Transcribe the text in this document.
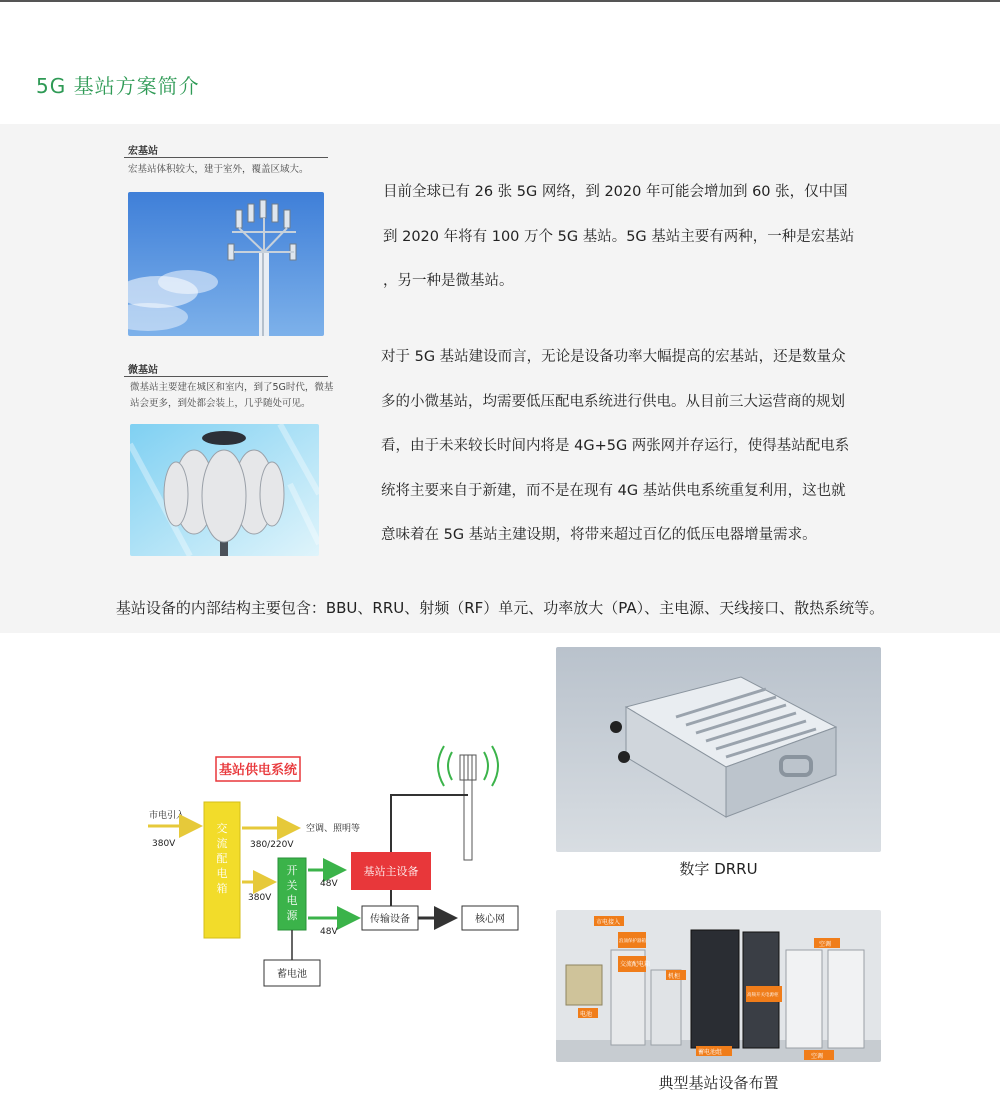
5G 基站方案简介
宏基站
宏基站体积较大，建于室外，覆盖区域大。
微基站
微基站主要建在城区和室内，到了5G时代，微基
站会更多，到处都会装上，几乎随处可见。

目前全球已有 26 张 5G 网络，到 2020 年可能会增加到 60 张，仅中国

到 2020 年将有 100 万个 5G 基站。5G 基站主要有两种，一种是宏基站

，另一种是微基站。

对于 5G 基站建设而言，无论是设备功率大幅提高的宏基站，还是数量众

多的小微基站，均需要低压配电系统进行供电。从目前三大运营商的规划

看，由于未来较长时间内将是 4G+5G 两张网并存运行，使得基站配电系

统将主要来自于新建，而不是在现有 4G 基站供电系统重复利用，这也就

意味着在 5G 基站主建设期，将带来超过百亿的低压电器增量需求。

基站设备的内部结构主要包含：BBU、RRU、射频（RF）单元、功率放大（PA）、主电源、天线接口、散热系统等。
基站供电系统
市电引入
380V
交流配电箱
380/220V
空调、照明等
380V
开关电源
48V
48V
基站主设备
传输设备	核心网
蓄电池
数字 DRRU
市电接入
浪涌保护器箱
交流配电箱
电池
机柜
高频开关电源柜
蓄电池组
空调
空调
典型基站设备布置
